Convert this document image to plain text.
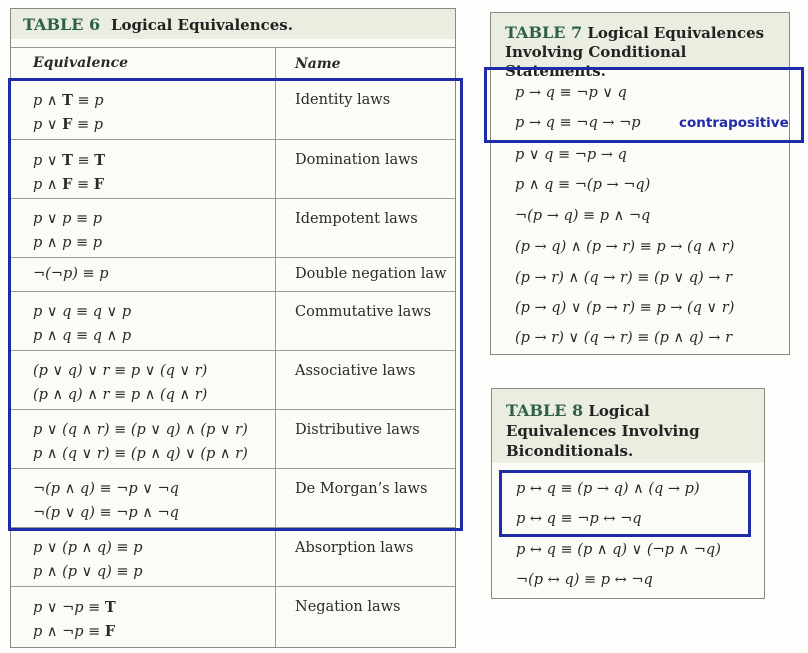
TABLE 6 Logical Equivalences.
Equivalence	Name
p ∧ T ≡ p
p ∨ F ≡ p
Identity laws
p ∨ T ≡ T
p ∧ F ≡ F
Domination laws
p ∨ p ≡ p
p ∧ p ≡ p
Idempotent laws
¬(¬p) ≡ p	Double negation law
p ∨ q ≡ q ∨ p
p ∧ q ≡ q ∧ p
Commutative laws
(p ∨ q) ∨ r ≡ p ∨ (q ∨ r)
(p ∧ q) ∧ r ≡ p ∧ (q ∧ r)
Associative laws
p ∨ (q ∧ r) ≡ (p ∨ q) ∧ (p ∨ r)
p ∧ (q ∨ r) ≡ (p ∧ q) ∨ (p ∧ r)
Distributive laws
¬(p ∧ q) ≡ ¬p ∨ ¬q
¬(p ∨ q) ≡ ¬p ∧ ¬q
De Morgan’s laws
p ∨ (p ∧ q) ≡ p
p ∧ (p ∨ q) ≡ p
Absorption laws
p ∨ ¬p ≡ T
p ∧ ¬p ≡ F
Negation laws
TABLE 7 Logical Equivalences
Involving Conditional Statements.
p → q ≡ ¬p ∨ q
p → q ≡ ¬q → ¬p
p ∨ q ≡ ¬p → q
p ∧ q ≡ ¬(p → ¬q)
¬(p → q) ≡ p ∧ ¬q
(p → q) ∧ (p → r) ≡ p → (q ∧ r)
(p → r) ∧ (q → r) ≡ (p ∨ q) → r
(p → q) ∨ (p → r) ≡ p → (q ∨ r)
(p → r) ∨ (q → r) ≡ (p ∧ q) → r
contrapositive
TABLE 8 Logical
Equivalences Involving
Biconditionals.
p ↔ q ≡ (p → q) ∧ (q → p)
p ↔ q ≡ ¬p ↔ ¬q
p ↔ q ≡ (p ∧ q) ∨ (¬p ∧ ¬q)
¬(p ↔ q) ≡ p ↔ ¬q
